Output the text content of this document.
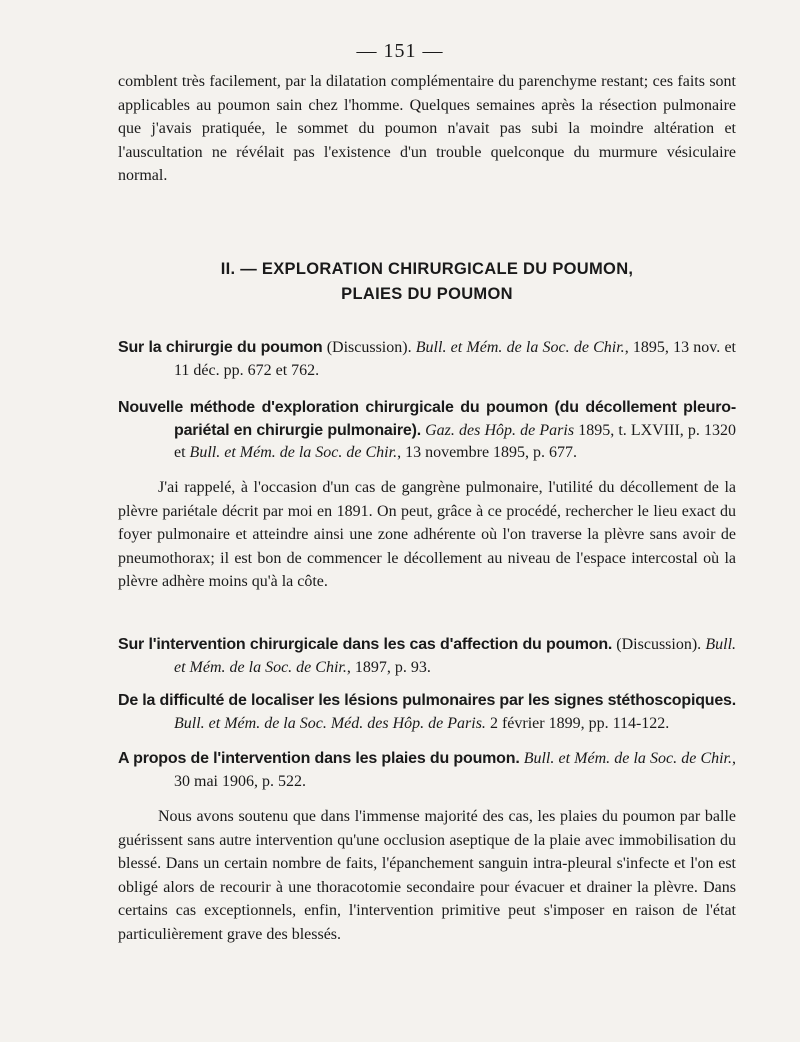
— 151 —

comblent très facilement, par la dilatation complémentaire du parenchyme restant; ces faits sont applicables au poumon sain chez l'homme. Quelques semaines après la résection pulmonaire que j'avais pratiquée, le sommet du poumon n'avait pas subi la moindre altération et l'auscultation ne révélait pas l'existence d'un trouble quelconque du murmure vésiculaire normal.

II. — EXPLORATION CHIRURGICALE DU POUMON,

PLAIES DU POUMON

Sur la chirurgie du poumon (Discussion). Bull. et Mém. de la Soc. de Chir., 1895, 13 nov. et 11 déc. pp. 672 et 762.

Nouvelle méthode d'exploration chirurgicale du poumon (du décollement pleuro-pariétal en chirurgie pulmonaire). Gaz. des Hôp. de Paris 1895, t. LXVIII, p. 1320 et Bull. et Mém. de la Soc. de Chir., 13 novembre 1895, p. 677.

J'ai rappelé, à l'occasion d'un cas de gangrène pulmonaire, l'utilité du décollement de la plèvre pariétale décrit par moi en 1891. On peut, grâce à ce procédé, rechercher le lieu exact du foyer pulmonaire et atteindre ainsi une zone adhérente où l'on traverse la plèvre sans avoir de pneumothorax; il est bon de commencer le décollement au niveau de l'espace intercostal où la plèvre adhère moins qu'à la côte.

Sur l'intervention chirurgicale dans les cas d'affection du poumon. (Discussion). Bull. et Mém. de la Soc. de Chir., 1897, p. 93.

De la difficulté de localiser les lésions pulmonaires par les signes stéthoscopiques. Bull. et Mém. de la Soc. Méd. des Hôp. de Paris. 2 février 1899, pp. 114-122.

A propos de l'intervention dans les plaies du poumon. Bull. et Mém. de la Soc. de Chir., 30 mai 1906, p. 522.

Nous avons soutenu que dans l'immense majorité des cas, les plaies du poumon par balle guérissent sans autre intervention qu'une occlusion aseptique de la plaie avec immobilisation du blessé. Dans un certain nombre de faits, l'épanchement sanguin intra-pleural s'infecte et l'on est obligé alors de recourir à une thoracotomie secondaire pour évacuer et drainer la plèvre. Dans certains cas exceptionnels, enfin, l'intervention primitive peut s'imposer en raison de l'état particulièrement grave des blessés.
